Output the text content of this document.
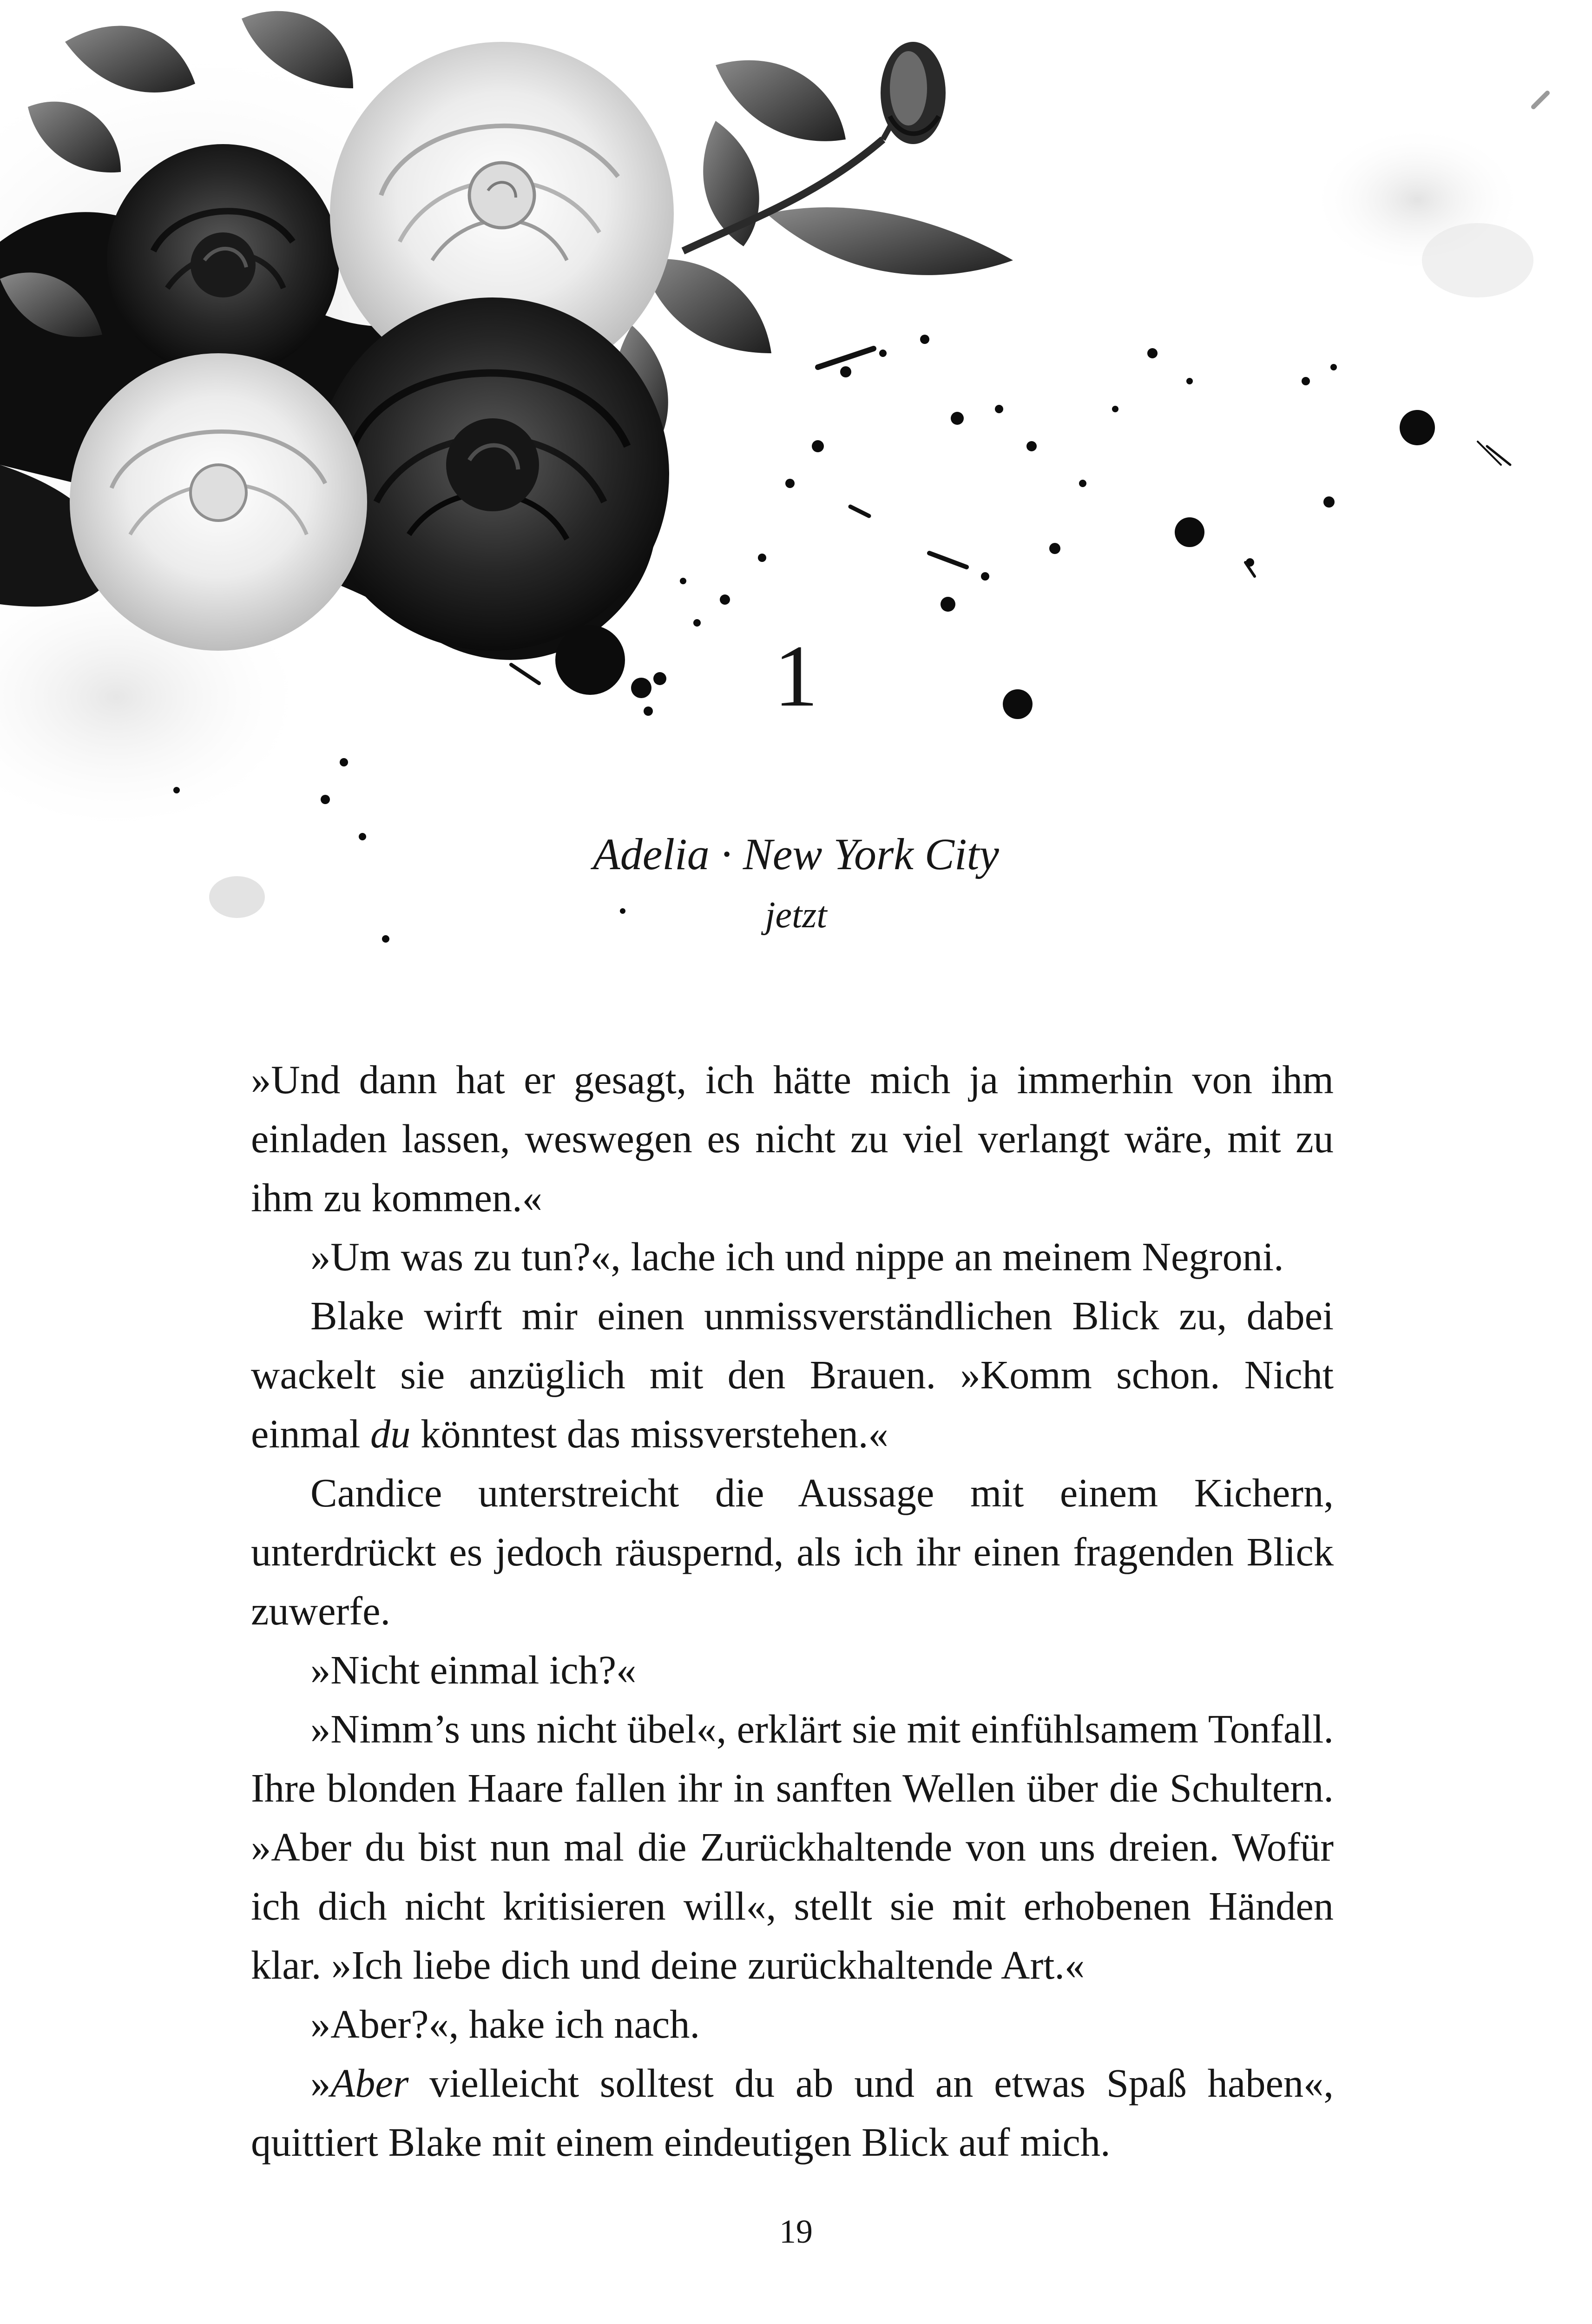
1
Adelia · New York City
jetzt

»Und dann hat er gesagt, ich hätte mich ja immerhin von ihm einladen lassen, weswegen es nicht zu viel verlangt wäre, mit zu ihm zu kommen.«

»Um was zu tun?«, lache ich und nippe an meinem Negroni.

Blake wirft mir einen unmissverständlichen Blick zu, dabei wackelt sie anzüglich mit den Brauen. »Komm schon. Nicht einmal du könntest das missverstehen.«

Candice unterstreicht die Aussage mit einem Kichern, unterdrückt es jedoch räuspernd, als ich ihr einen fragenden Blick zuwerfe.

»Nicht einmal ich?«

»Nimm’s uns nicht übel«, erklärt sie mit einfühlsamem Tonfall. Ihre blonden Haare fallen ihr in sanften Wellen über die Schultern. »Aber du bist nun mal die Zurückhaltende von uns dreien. Wofür ich dich nicht kritisieren will«, stellt sie mit erhobenen Händen klar. »Ich liebe dich und deine zurückhaltende Art.«

»Aber?«, hake ich nach.

»Aber vielleicht solltest du ab und an etwas Spaß haben«, quittiert Blake mit einem eindeutigen Blick auf mich.

19
